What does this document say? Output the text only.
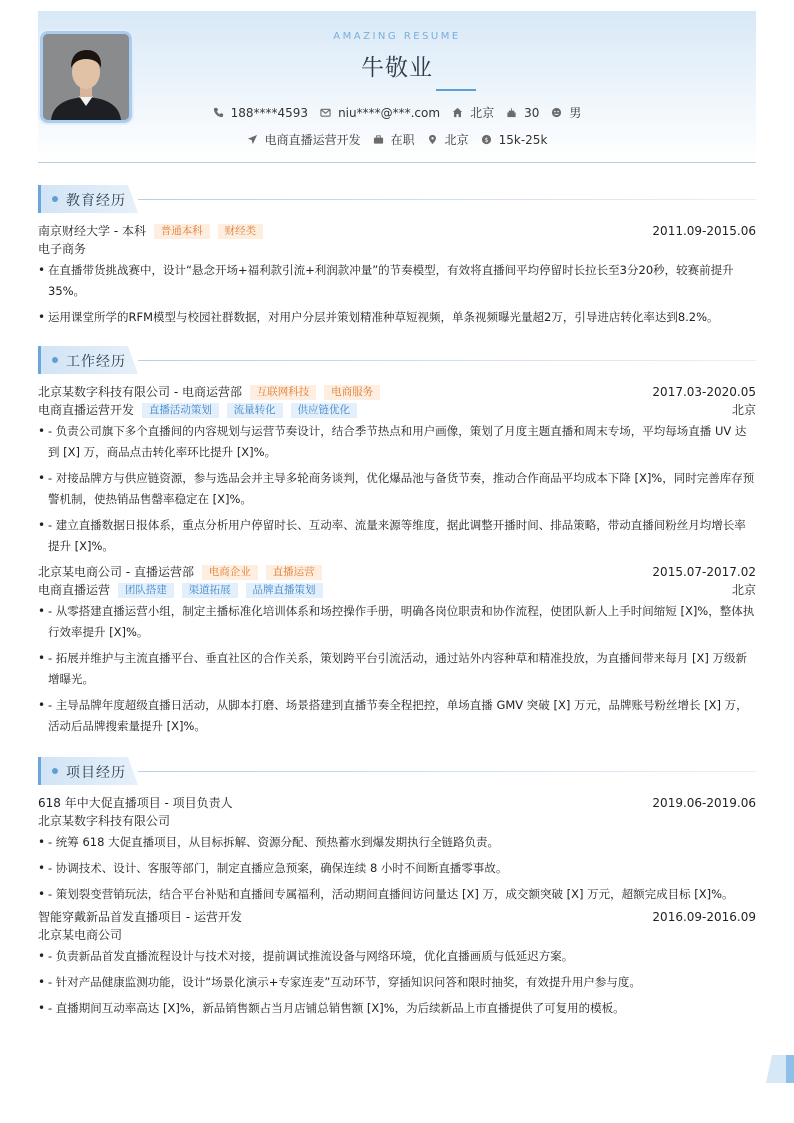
AMAZING RESUME
牛敬业
188****4593	niu****@***.com	北京	30	男
电商直播运营开发	在职	北京 $ 15k-25k
教育经历
南京财经大学 - 本科 普通本科 财经类	2011.09-2015.06
电子商务
• 在直播带货挑战赛中，设计“悬念开场+福利款引流+利润款冲量”的节奏模型，有效将直播间平均停留时长拉长至3分20秒，较赛前提升35%。
• 运用课堂所学的RFM模型与校园社群数据，对用户分层并策划精准种草短视频，单条视频曝光量超2万，引导进店转化率达到8.2%。
工作经历
北京某数字科技有限公司 - 电商运营部 互联网科技 电商服务	2017.03-2020.05
电商直播运营开发 直播活动策划 流量转化 供应链优化	北京
• - 负责公司旗下多个直播间的内容规划与运营节奏设计，结合季节热点和用户画像，策划了月度主题直播和周末专场，平均每场直播 UV 达到 [X] 万，商品点击转化率环比提升 [X]%。
• - 对接品牌方与供应链资源，参与选品会并主导多轮商务谈判，优化爆品池与备货节奏，推动合作商品平均成本下降 [X]%，同时完善库存预警机制，使热销品售罄率稳定在 [X]%。
• - 建立直播数据日报体系，重点分析用户停留时长、互动率、流量来源等维度，据此调整开播时间、排品策略，带动直播间粉丝月均增长率提升 [X]%。
北京某电商公司 - 直播运营部 电商企业 直播运营	2015.07-2017.02
电商直播运营 团队搭建 渠道拓展 品牌直播策划	北京
• - 从零搭建直播运营小组，制定主播标准化培训体系和场控操作手册，明确各岗位职责和协作流程，使团队新人上手时间缩短 [X]%，整体执行效率提升 [X]%。
• - 拓展并维护与主流直播平台、垂直社区的合作关系，策划跨平台引流活动，通过站外内容种草和精准投放，为直播间带来每月 [X] 万级新增曝光。
• - 主导品牌年度超级直播日活动，从脚本打磨、场景搭建到直播节奏全程把控，单场直播 GMV 突破 [X] 万元，品牌账号粉丝增长 [X] 万，活动后品牌搜索量提升 [X]%。
项目经历
618 年中大促直播项目 - 项目负责人	2019.06-2019.06
北京某数字科技有限公司
• - 统筹 618 大促直播项目，从目标拆解、资源分配、预热蓄水到爆发期执行全链路负责。
• - 协调技术、设计、客服等部门，制定直播应急预案，确保连续 8 小时不间断直播零事故。
• - 策划裂变营销玩法，结合平台补贴和直播间专属福利，活动期间直播间访问量达 [X] 万，成交额突破 [X] 万元，超额完成目标 [X]%。
智能穿戴新品首发直播项目 - 运营开发	2016.09-2016.09
北京某电商公司
• - 负责新品首发直播流程设计与技术对接，提前调试推流设备与网络环境，优化直播画质与低延迟方案。
• - 针对产品健康监测功能，设计“场景化演示+专家连麦”互动环节，穿插知识问答和限时抽奖，有效提升用户参与度。
• - 直播期间互动率高达 [X]%，新品销售额占当月店铺总销售额 [X]%，为后续新品上市直播提供了可复用的模板。
